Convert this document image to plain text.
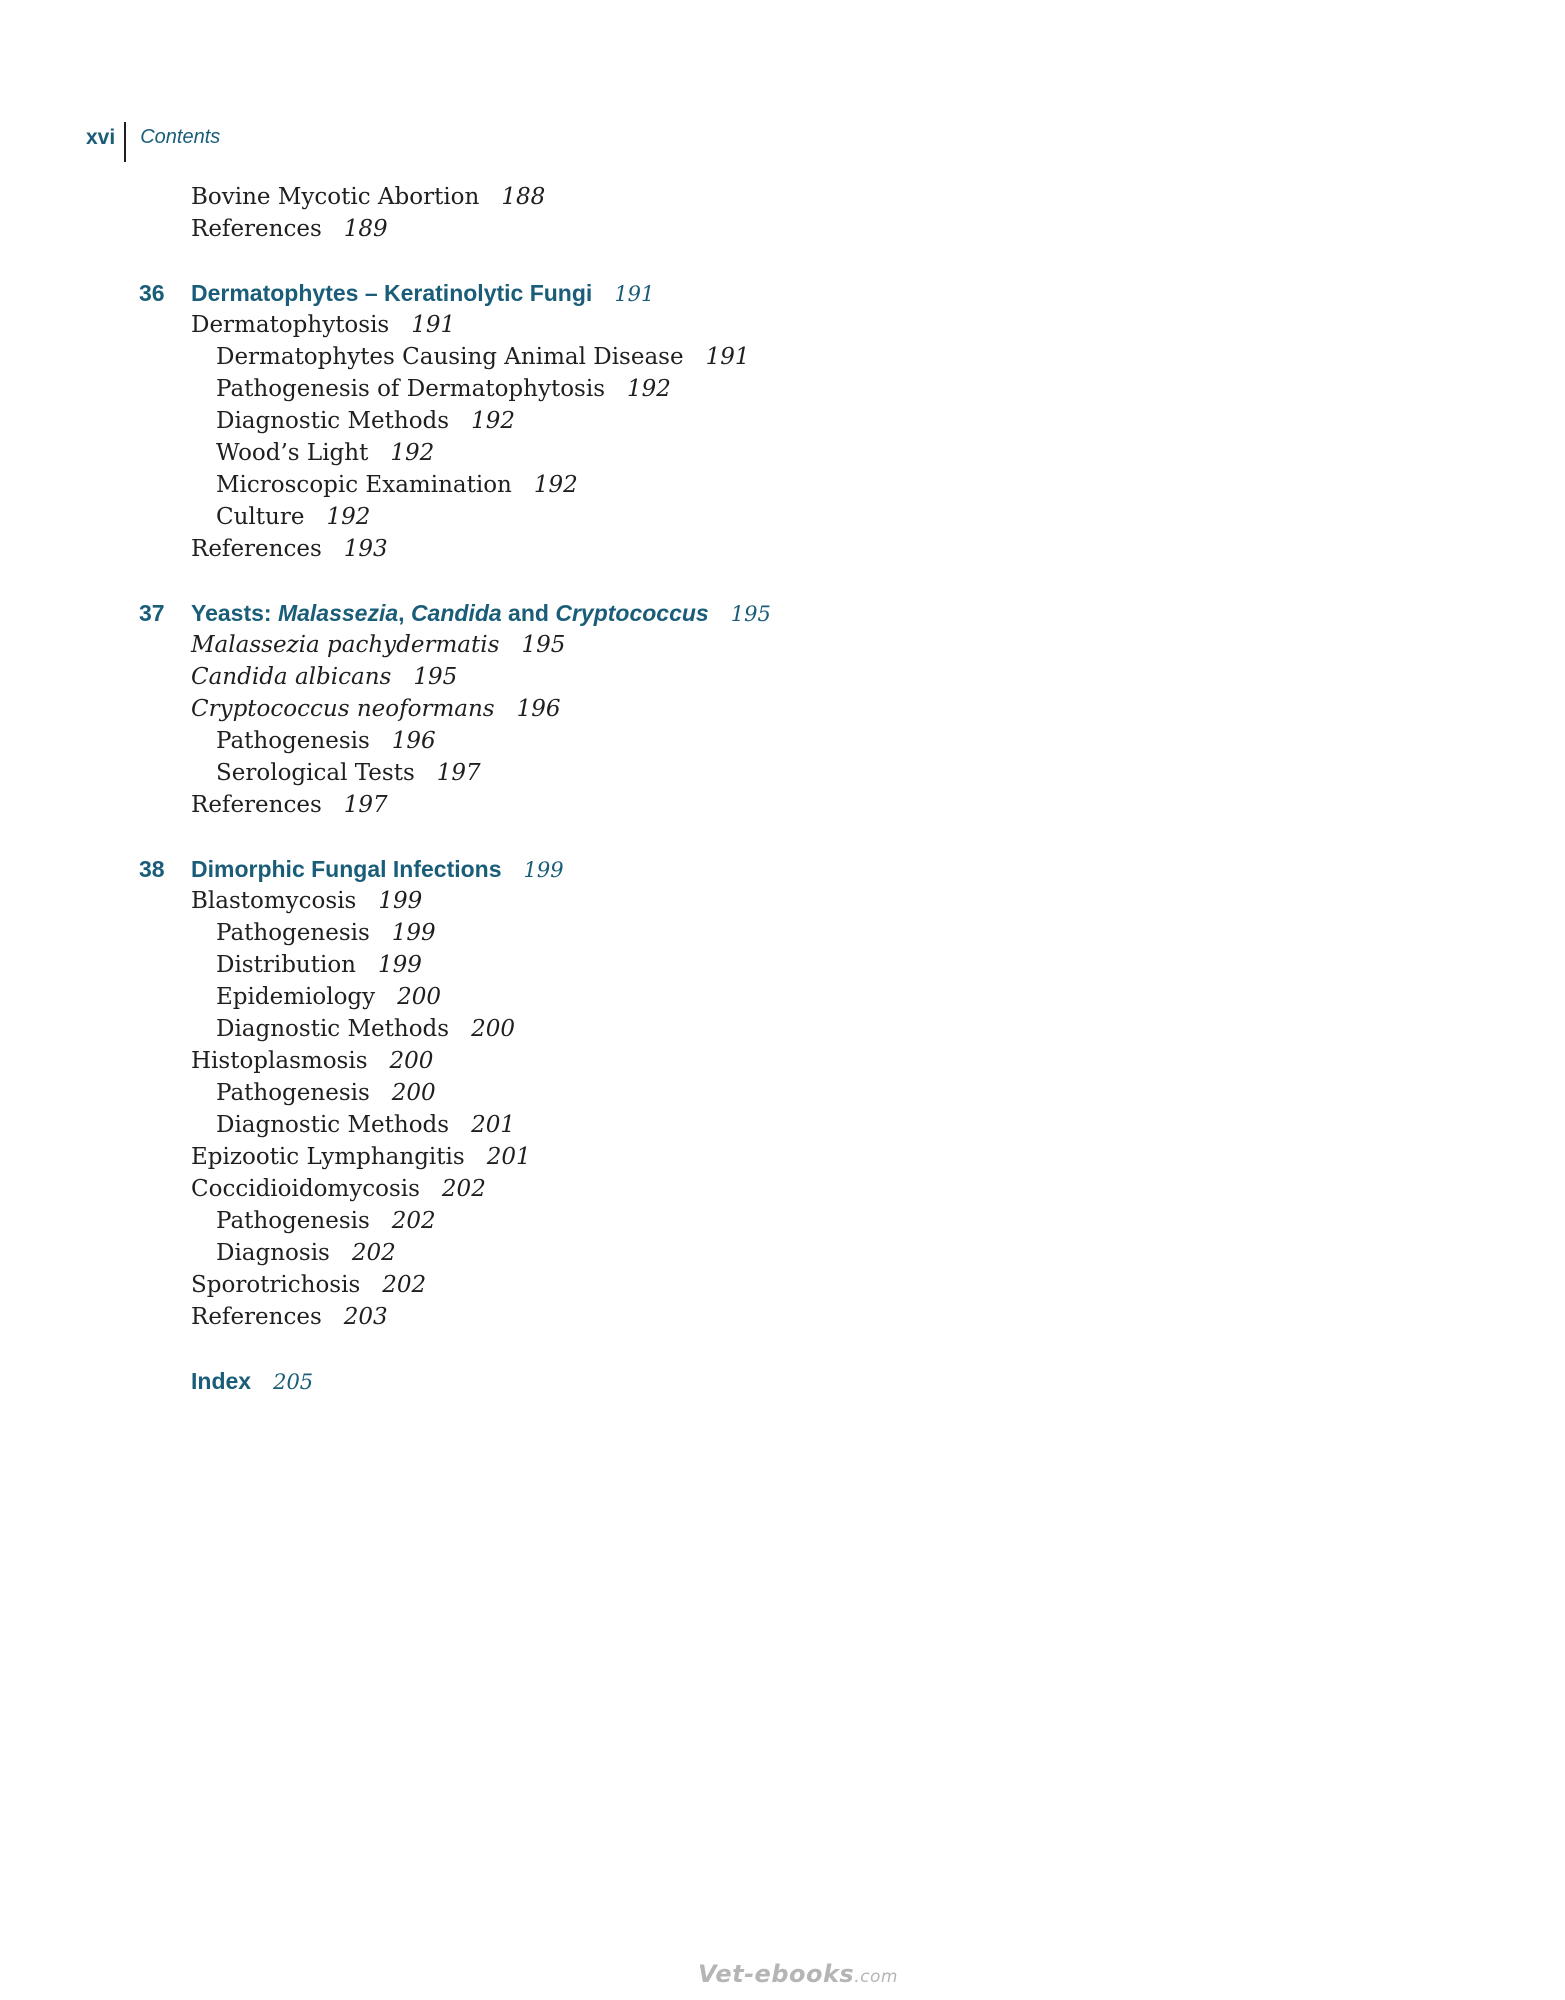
xvi	Contents
Bovine Mycotic Abortion 188
References 189
36 Dermatophytes – Keratinolytic Fungi 191
Dermatophytosis 191
Dermatophytes Causing Animal Disease 191
Pathogenesis of Dermatophytosis 192
Diagnostic Methods 192
Wood’s Light 192
Microscopic Examination 192
Culture 192
References 193
37 Yeasts: Malassezia, Candida and Cryptococcus 195
Malassezia pachydermatis 195
Candida albicans 195
Cryptococcus neoformans 196
Pathogenesis 196
Serological Tests 197
References 197
38 Dimorphic Fungal Infections 199
Blastomycosis 199
Pathogenesis 199
Distribution 199
Epidemiology 200
Diagnostic Methods 200
Histoplasmosis 200
Pathogenesis 200
Diagnostic Methods 201
Epizootic Lymphangitis 201
Coccidioidomycosis 202
Pathogenesis 202
Diagnosis 202
Sporotrichosis 202
References 203
Index 205
Vet-ebooks.com
